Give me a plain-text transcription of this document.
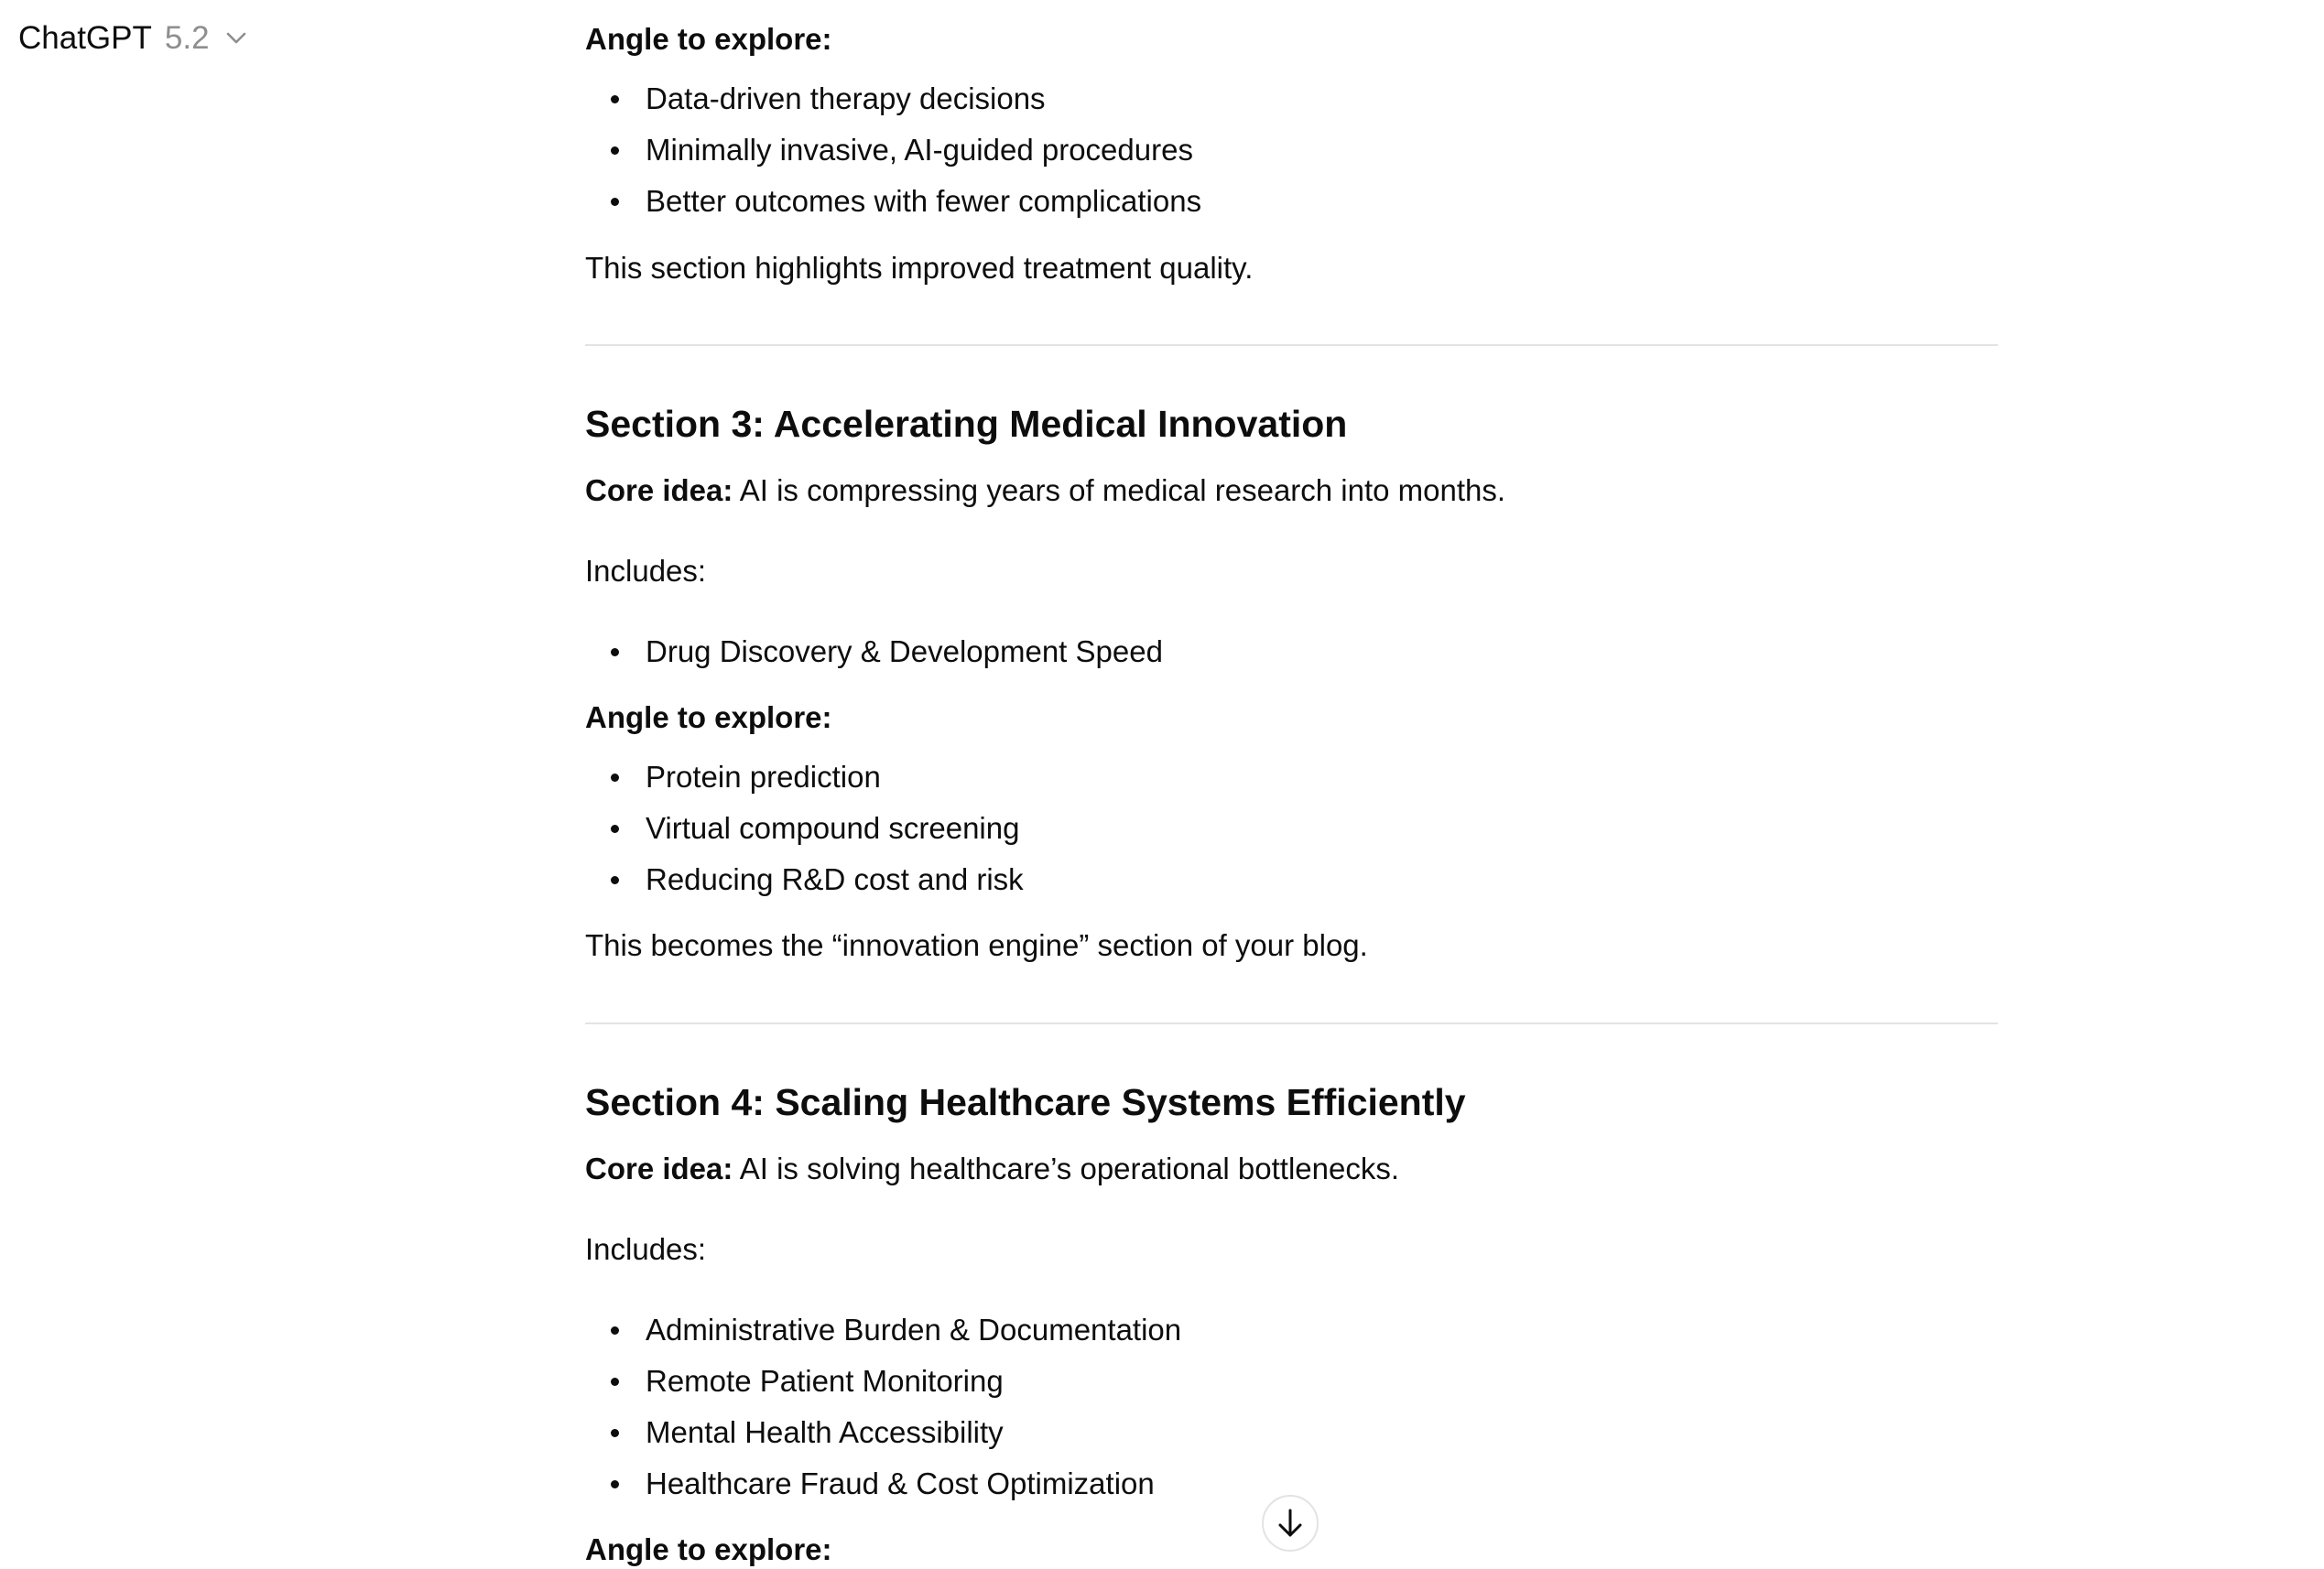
ChatGPT 5.2	Angle to explore:
Data-driven therapy decisions
Minimally invasive, AI-guided procedures
Better outcomes with fewer complications
This section highlights improved treatment quality.
Section 3: Accelerating Medical Innovation
Core idea: AI is compressing years of medical research into months.
Includes:
Drug Discovery & Development Speed
Angle to explore:
Protein prediction
Virtual compound screening
Reducing R&D cost and risk
This becomes the “innovation engine” section of your blog.
Section 4: Scaling Healthcare Systems Efficiently
Core idea: AI is solving healthcare’s operational bottlenecks.
Includes:
Administrative Burden & Documentation
Remote Patient Monitoring
Mental Health Accessibility
Healthcare Fraud & Cost Optimization
Angle to explore:
